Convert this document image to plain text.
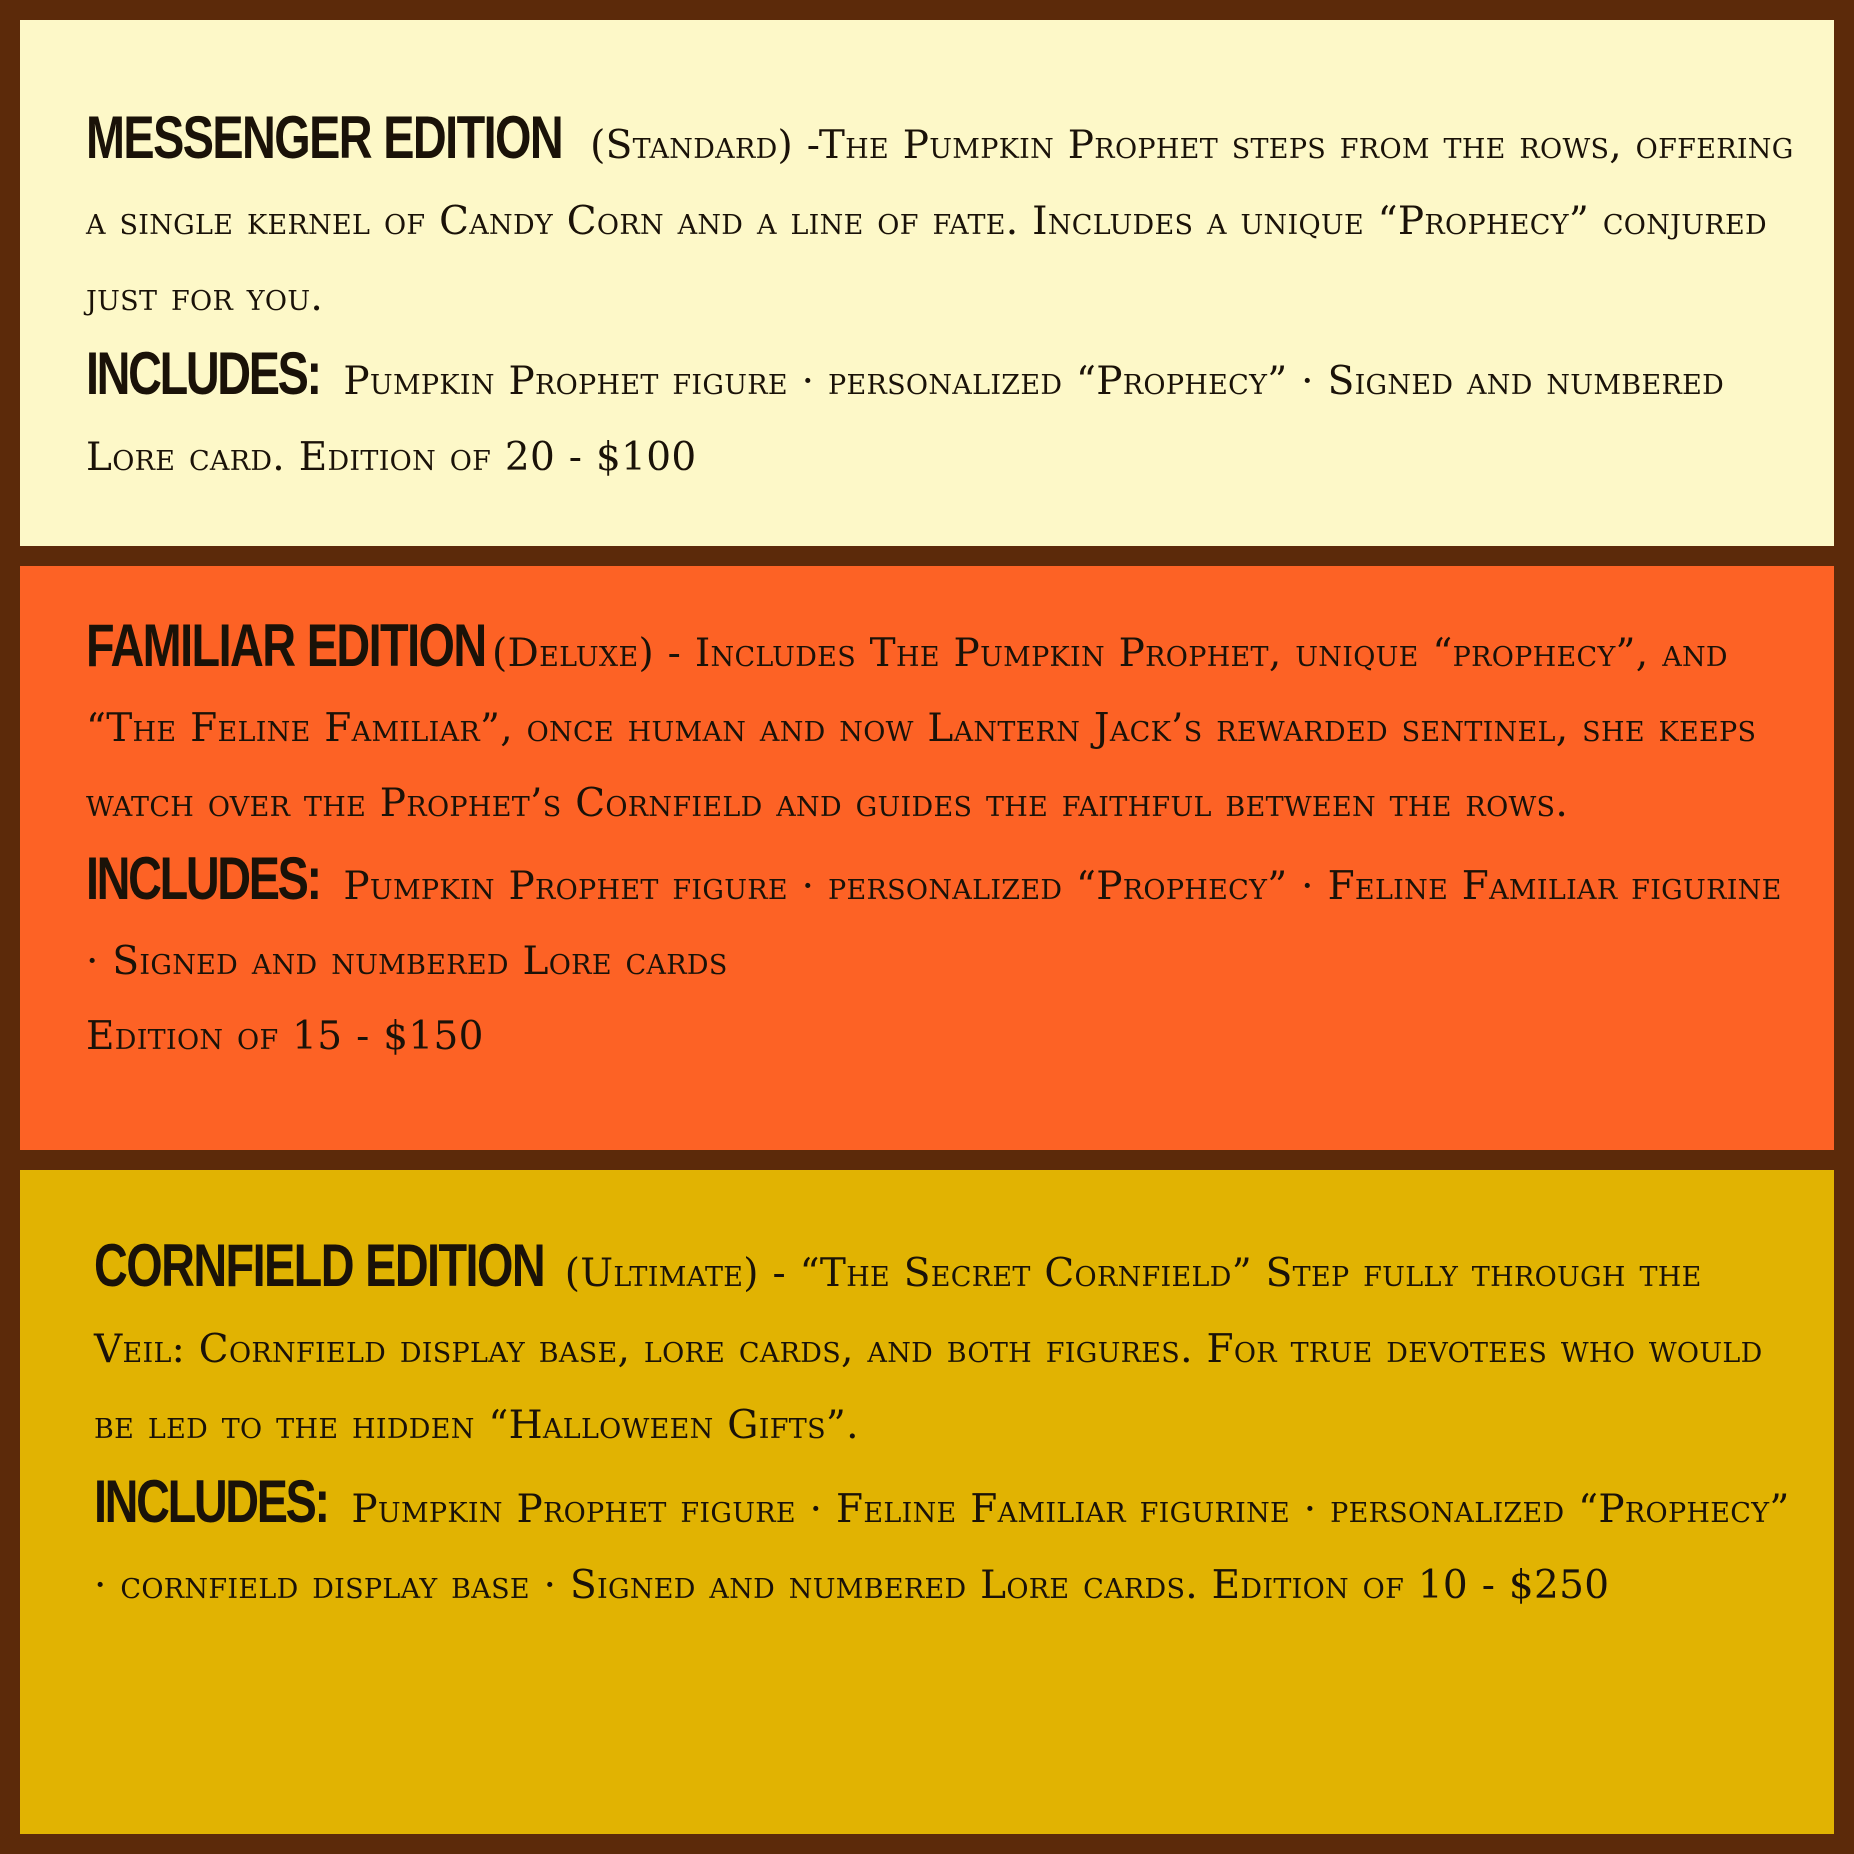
MESSENGER EDITION (Standard) -The Pumpkin Prophet steps from the rows, offering a single kernel of Candy Corn and a line of fate. Includes a unique “Prophecy” conjured just for you.

INCLUDES: Pumpkin Prophet figure · personalized “Prophecy” · Signed and numbered Lore card. Edition of 20 - $100

FAMILIAR EDITION (Deluxe) - Includes The Pumpkin Prophet, unique “prophecy”, and “The Feline Familiar”, once human and now Lantern Jack’s rewarded sentinel, she keeps watch over the Prophet’s Cornfield and guides the faithful between the rows.

INCLUDES: Pumpkin Prophet figure · personalized “Prophecy” · Feline Familiar figurine · Signed and numbered Lore cards
Edition of 15 - $150

CORNFIELD EDITION (Ultimate) - “The Secret Cornfield” Step fully through the Veil: Cornfield display base, lore cards, and both figures. For true devotees who would be led to the hidden “Halloween Gifts”.

INCLUDES: Pumpkin Prophet figure · Feline Familiar figurine · personalized “Prophecy” · cornfield display base · Signed and numbered Lore cards. Edition of 10 - $250
